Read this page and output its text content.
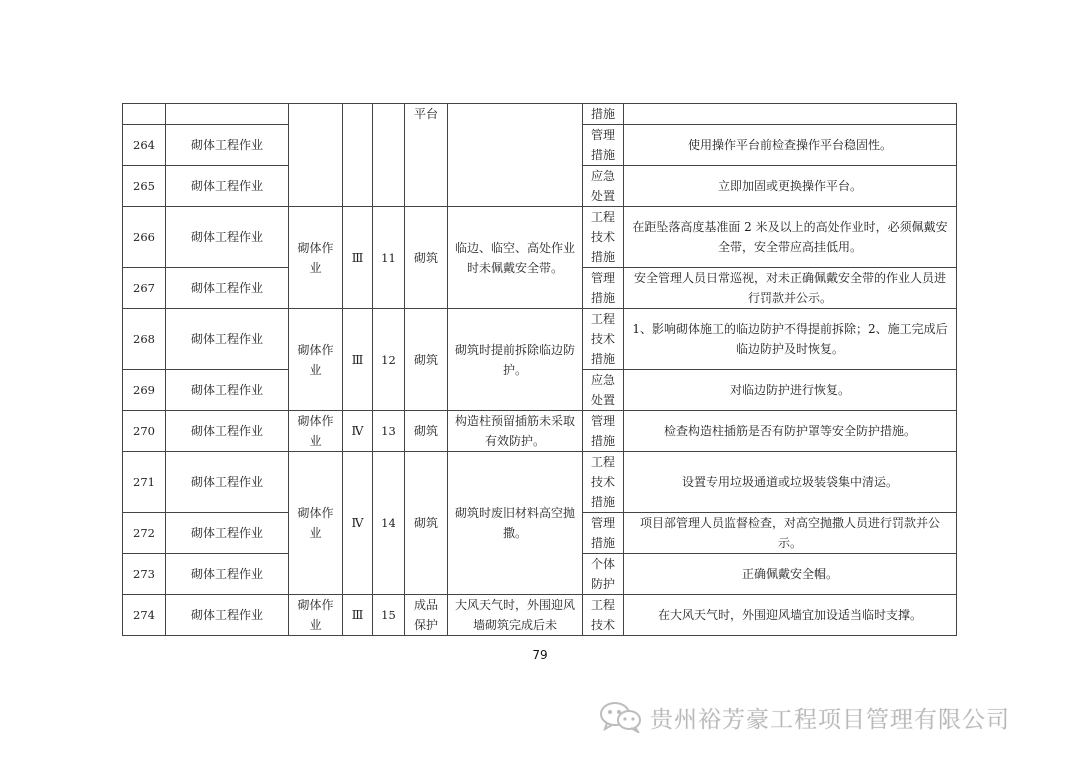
					平台		措施	
264	砌体工程作业						管理措施	使用操作平台前检查操作平台稳固性。
265	砌体工程作业						应急处置	立即加固或更换操作平台。
266	砌体工程作业	砌体作业	Ⅲ	11	砌筑	临边、临空、高处作业时未佩戴安全带。	工程技术措施	在距坠落高度基准面 2 米及以上的高处作业时，必须佩戴安全带，安全带应高挂低用。
267	砌体工程作业						管理措施	安全管理人员日常巡视，对未正确佩戴安全带的作业人员进行罚款并公示。
268	砌体工程作业	砌体作业	Ⅲ	12	砌筑	砌筑时提前拆除临边防护。	工程技术措施	1、影响砌体施工的临边防护不得提前拆除；2、施工完成后临边防护及时恢复。
269	砌体工程作业						应急处置	对临边防护进行恢复。
270	砌体工程作业	砌体作业	Ⅳ	13	砌筑	构造柱预留插筋未采取有效防护。	管理措施	检查构造柱插筋是否有防护罩等安全防护措施。
271	砌体工程作业	砌体作业	Ⅳ	14	砌筑	砌筑时废旧材料高空抛撒。	工程技术措施	设置专用垃圾通道或垃圾装袋集中清运。
272	砌体工程作业						管理措施	项目部管理人员监督检查，对高空抛撒人员进行罚款并公示。
273	砌体工程作业						个体防护	正确佩戴安全帽。
274	砌体工程作业	砌体作业	Ⅲ	15	成品保护	大风天气时，外围迎风墙砌筑完成后未	工程技术	在大风天气时，外围迎风墙宜加设适当临时支撑。
79
贵州裕芳豪工程项目管理有限公司
